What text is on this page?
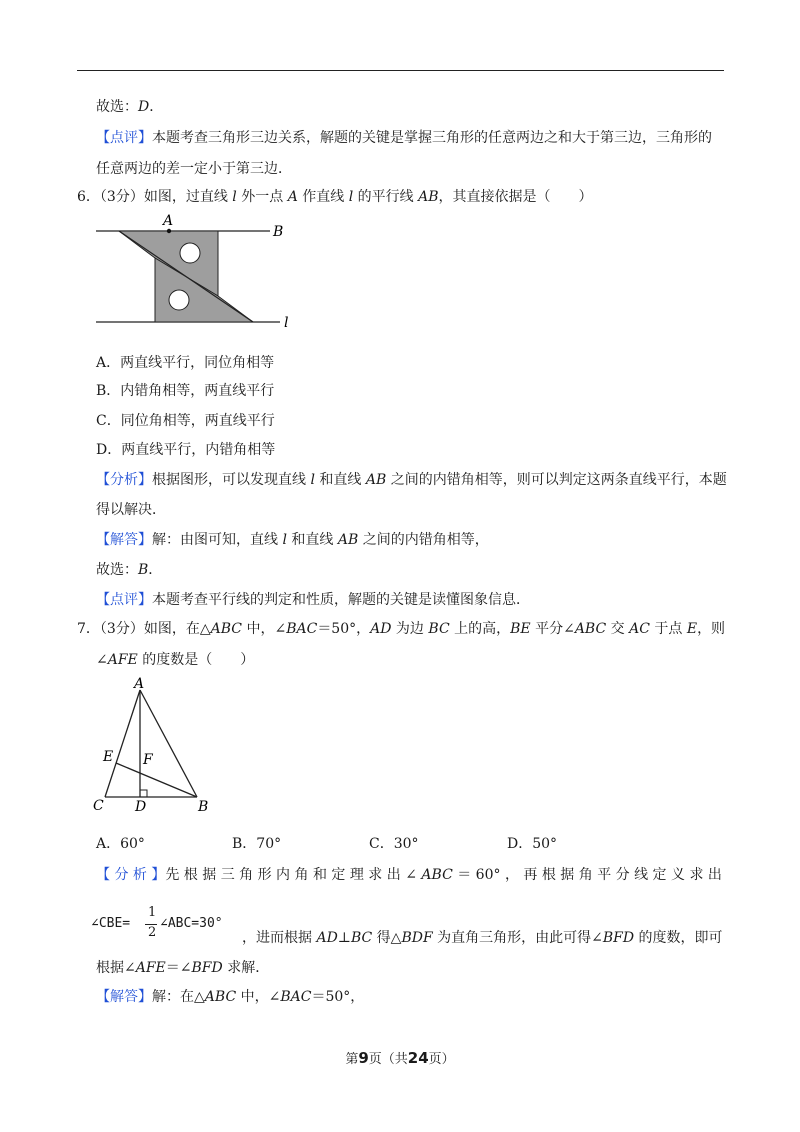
故选：D．
【点评】本题考查三角形三边关系，解题的关键是掌握三角形的任意两边之和大于第三边，三角形的
任意两边的差一定小于第三边．
6．（3分）如图，过直线 l 外一点 A 作直线 l 的平行线 AB，其直接依据是（　　）
A
B
l
A．两直线平行，同位角相等
B．内错角相等，两直线平行
C．同位角相等，两直线平行
D．两直线平行，内错角相等
【分析】根据图形，可以发现直线 l 和直线 AB 之间的内错角相等，则可以判定这两条直线平行，本题
得以解决．
【解答】解：由图可知，直线 l 和直线 AB 之间的内错角相等，
故选：B．
【点评】本题考查平行线的判定和性质，解题的关键是读懂图象信息．
7．（3分）如图，在△ABC 中，∠BAC＝50°，AD 为边 BC 上的高，BE 平分∠ABC 交 AC 于点 E，则
∠AFE 的度数是（　　）
A
E F
C D	B
A．60°	B．70°	C．30°	D．50°
【 分 析 】先 根 据 三 角 形 内 角 和 定 理 求 出 ∠ ABC ＝ 60° ， 再 根 据 角 平 分 线 定 义 求 出
∠CBE=
1
2
∠ABC=30°
，进而根据 AD⊥BC 得△BDF 为直角三角形，由此可得∠BFD 的度数，即可
根据∠AFE＝∠BFD 求解．
【解答】解：在△ABC 中，∠BAC＝50°，
第9页（共24页）
